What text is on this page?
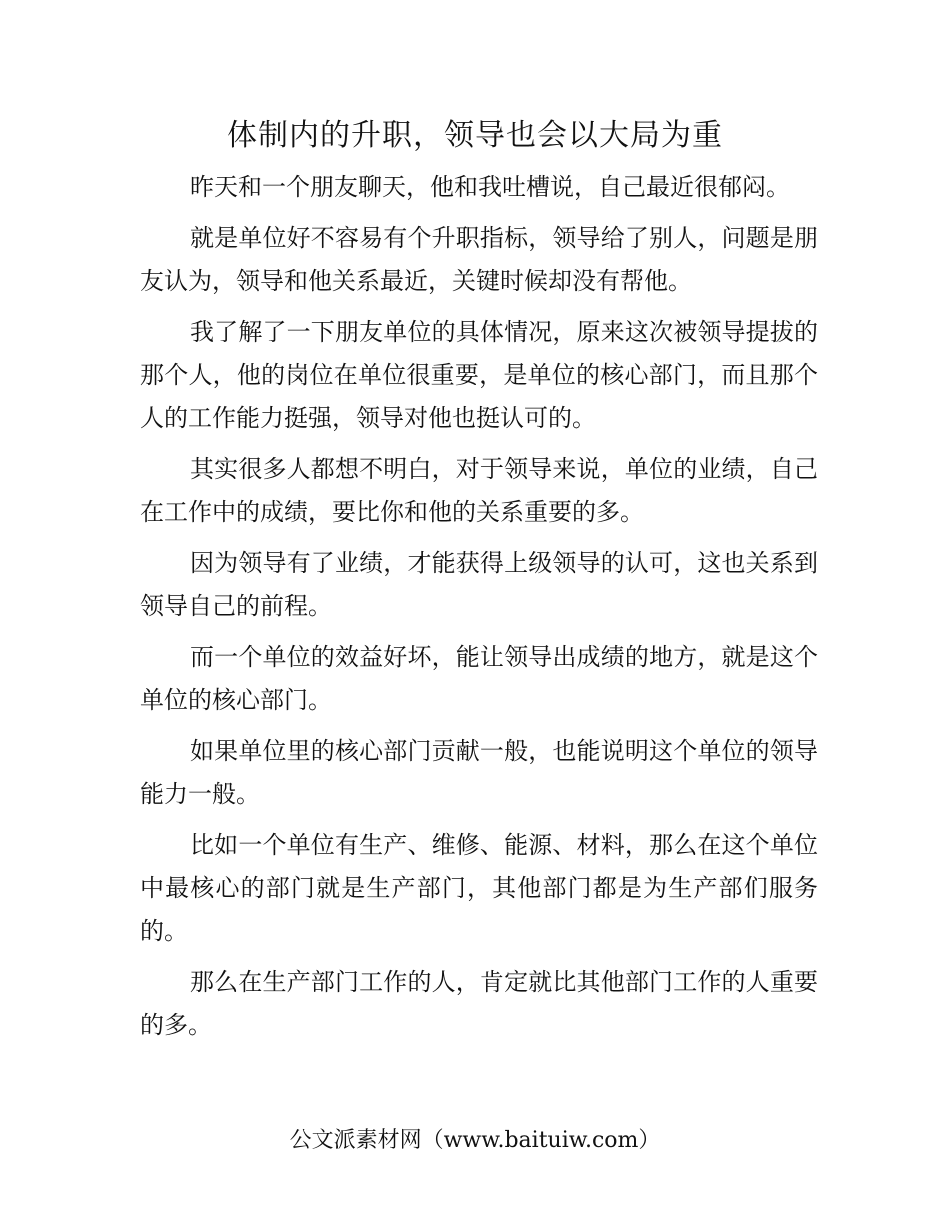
体制内的升职，领导也会以大局为重

昨天和一个朋友聊天，他和我吐槽说，自己最近很郁闷。

就是单位好不容易有个升职指标，领导给了别人，问题是朋友认为，领导和他关系最近，关键时候却没有帮他。

我了解了一下朋友单位的具体情况，原来这次被领导提拔的那个人，他的岗位在单位很重要，是单位的核心部门，而且那个人的工作能力挺强，领导对他也挺认可的。

其实很多人都想不明白，对于领导来说，单位的业绩，自己在工作中的成绩，要比你和他的关系重要的多。

因为领导有了业绩，才能获得上级领导的认可，这也关系到领导自己的前程。

而一个单位的效益好坏，能让领导出成绩的地方，就是这个单位的核心部门。

如果单位里的核心部门贡献一般，也能说明这个单位的领导能力一般。

比如一个单位有生产、维修、能源、材料，那么在这个单位中最核心的部门就是生产部门，其他部门都是为生产部们服务的。

那么在生产部门工作的人，肯定就比其他部门工作的人重要的多。

公文派素材网（www.baituiw.com）
